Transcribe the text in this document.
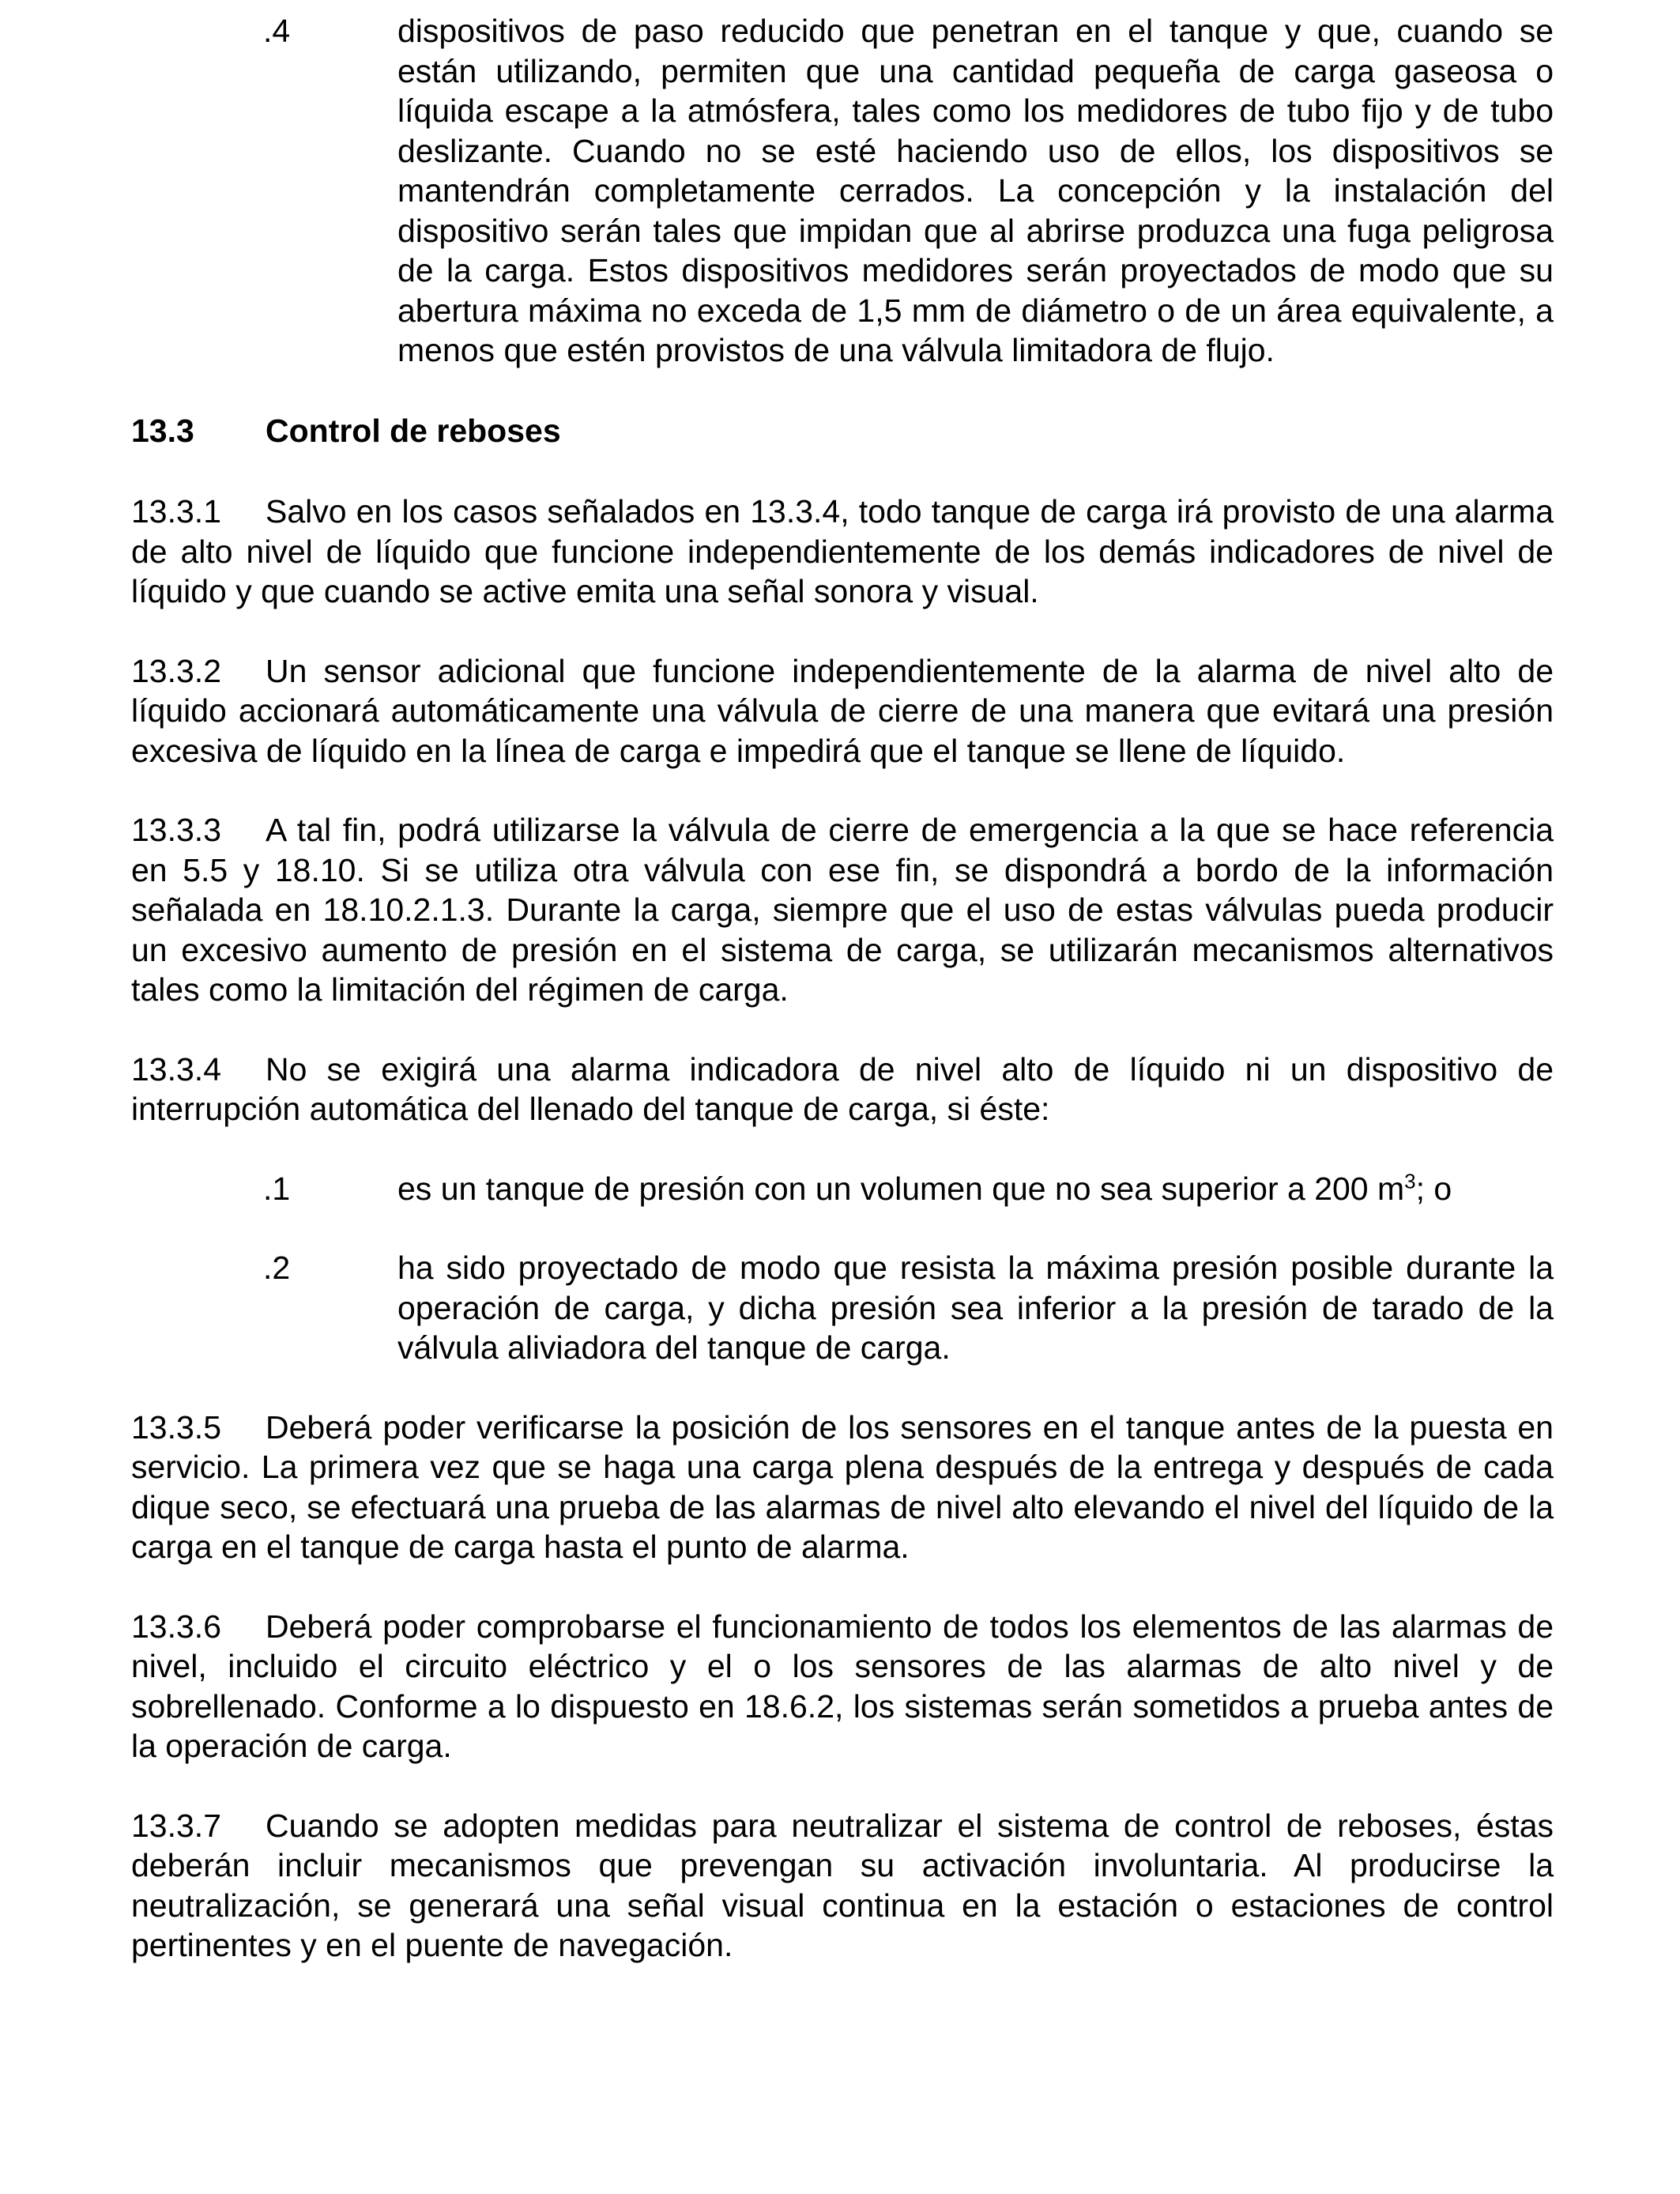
.4	dispositivos de paso reducido que penetran en el tanque y que, cuando se están utilizando, permiten que una cantidad pequeña de carga gaseosa o líquida escape a la atmósfera, tales como los medidores de tubo fijo y de tubo deslizante. Cuando no se esté haciendo uso de ellos, los dispositivos se mantendrán completamente cerrados. La concepción y la instalación del dispositivo serán tales que impidan que al abrirse produzca una fuga peligrosa de la carga. Estos dispositivos medidores serán proyectados de modo que su abertura máxima no exceda de 1,5 mm de diámetro o de un área equivalente, a menos que estén provistos de una válvula limitadora de flujo.
13.3	Control de reboses

13.3.1 Salvo en los casos señalados en 13.3.4, todo tanque de carga irá provisto de una alarma de alto nivel de líquido que funcione independientemente de los demás indicadores de nivel de líquido y que cuando se active emita una señal sonora y visual.

13.3.2 Un sensor adicional que funcione independientemente de la alarma de nivel alto de líquido accionará automáticamente una válvula de cierre de una manera que evitará una presión excesiva de líquido en la línea de carga e impedirá que el tanque se llene de líquido.

13.3.3 A tal fin, podrá utilizarse la válvula de cierre de emergencia a la que se hace referencia en 5.5 y 18.10. Si se utiliza otra válvula con ese fin, se dispondrá a bordo de la información señalada en 18.10.2.1.3. Durante la carga, siempre que el uso de estas válvulas pueda producir un excesivo aumento de presión en el sistema de carga, se utilizarán mecanismos alternativos tales como la limitación del régimen de carga.

13.3.4 No se exigirá una alarma indicadora de nivel alto de líquido ni un dispositivo de interrupción automática del llenado del tanque de carga, si éste:

.1	es un tanque de presión con un volumen que no sea superior a 200 $m^3$; o
.2	ha sido proyectado de modo que resista la máxima presión posible durante la operación de carga, y dicha presión sea inferior a la presión de tarado de la válvula aliviadora del tanque de carga.

13.3.5 Deberá poder verificarse la posición de los sensores en el tanque antes de la puesta en servicio. La primera vez que se haga una carga plena después de la entrega y después de cada dique seco, se efectuará una prueba de las alarmas de nivel alto elevando el nivel del líquido de la carga en el tanque de carga hasta el punto de alarma.

13.3.6 Deberá poder comprobarse el funcionamiento de todos los elementos de las alarmas de nivel, incluido el circuito eléctrico y el o los sensores de las alarmas de alto nivel y de sobrellenado. Conforme a lo dispuesto en 18.6.2, los sistemas serán sometidos a prueba antes de la operación de carga.

13.3.7 Cuando se adopten medidas para neutralizar el sistema de control de reboses, éstas deberán incluir mecanismos que prevengan su activación involuntaria. Al producirse la neutralización, se generará una señal visual continua en la estación o estaciones de control pertinentes y en el puente de navegación.
